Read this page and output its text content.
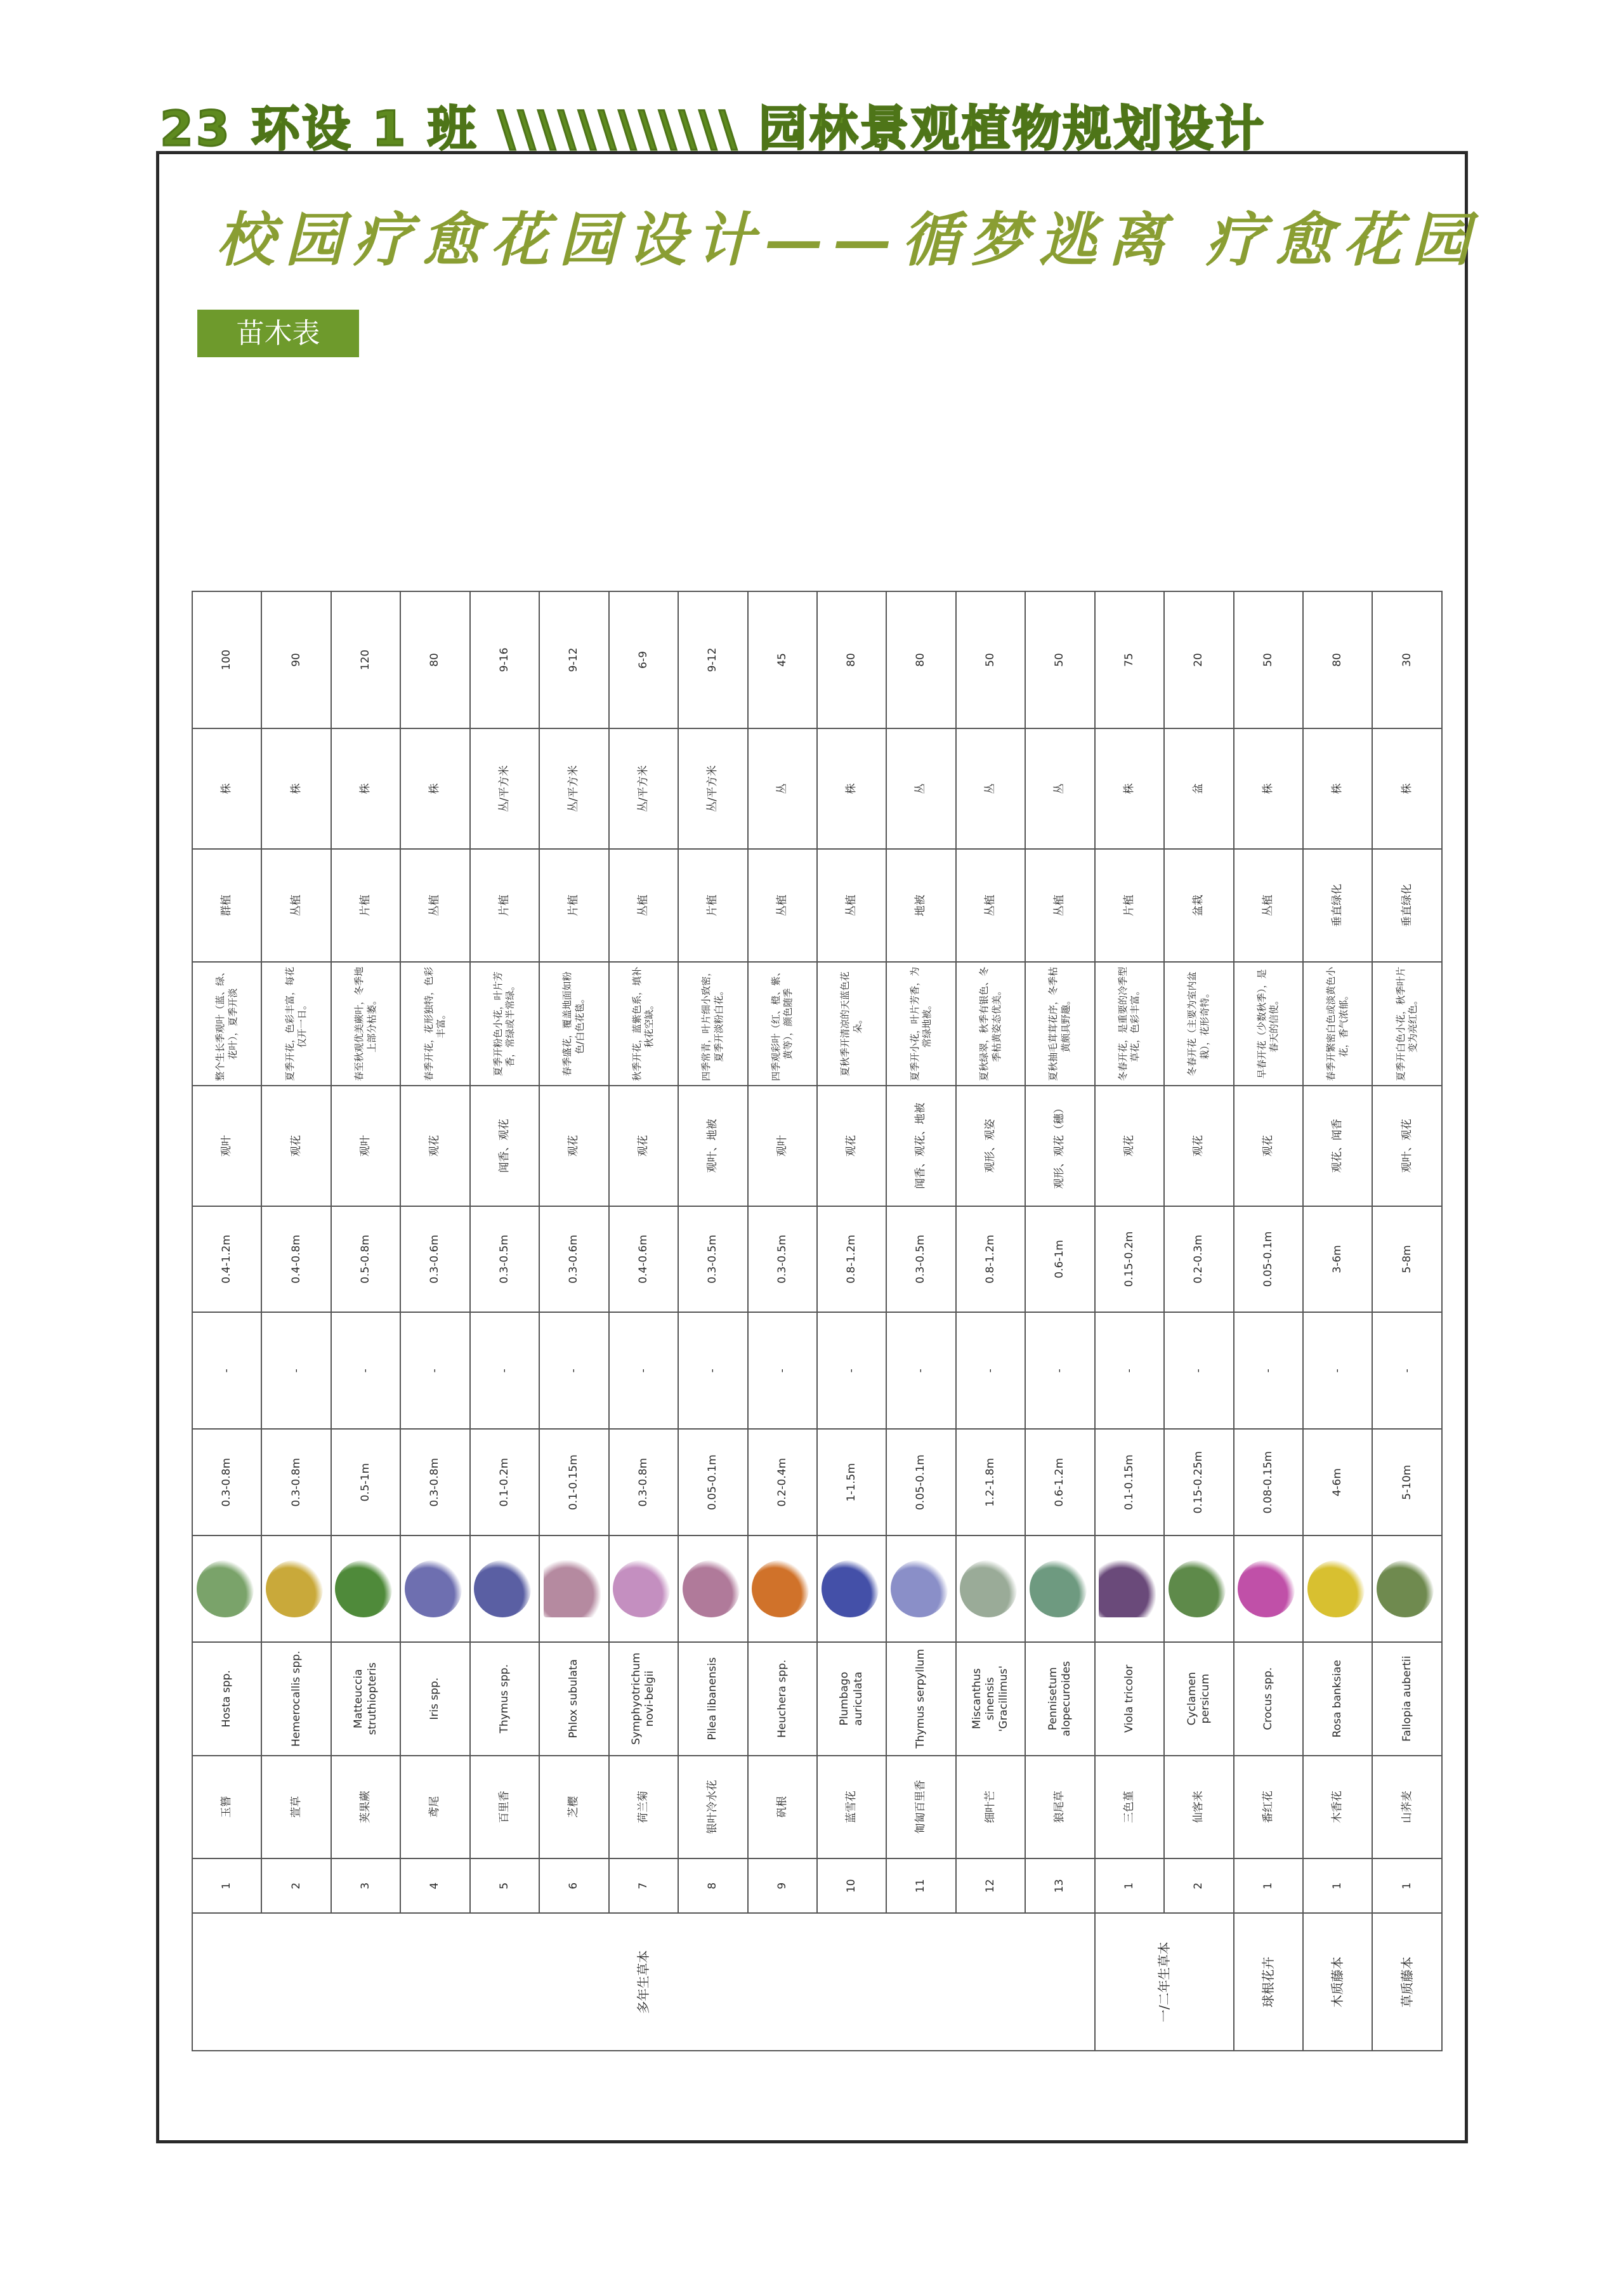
23 环设 1 班 \\\\\\\\\\\\ 园林景观植物规划设计
校园疗愈花园设计——循梦逃离 疗愈花园
苗木表
多年生草本	1	玉簪	Hosta spp.		0.3-0.8m	-	0.4-1.2m	观叶	整个生长季观叶（蓝、绿、花叶），夏季开淡	群植	株	100
	2	萱草	Hemerocallis spp.		0.3-0.8m	-	0.4-0.8m	观花	夏季开花，色彩丰富，每花仅开一日。	丛植	株	90
	3	荚果蕨	Matteuccia struthiopteris		0.5-1m	-	0.5-0.8m	观叶	春至秋观优美蕨叶，冬季地上部分枯萎。	片植	株	120
	4	鸢尾	Iris spp.		0.3-0.8m	-	0.3-0.6m	观花	春季开花，花形独特，色彩丰富。	丛植	株	80
	5	百里香	Thymus spp.		0.1-0.2m	-	0.3-0.5m	闻香、观花	夏季开粉色小花，叶片芳香，常绿或半常绿。	片植	丛/平方米	9-16
	6	芝樱	Phlox subulata		0.1-0.15m	-	0.3-0.6m	观花	春季盛花，覆盖地面如粉色/白色花毯。	片植	丛/平方米	9-12
	7	荷兰菊	Symphyotrichum novi-belgii		0.3-0.8m	-	0.4-0.6m	观花	秋季开花，蓝紫色系，填补秋花空缺。	丛植	丛/平方米	6-9
	8	银叶冷水花	Pilea libanensis		0.05-0.1m	-	0.3-0.5m	观叶、地被	四季常青，叶片细小致密，夏季开淡粉白花。	片植	丛/平方米	9-12
	9	矾根	Heuchera spp.		0.2-0.4m	-	0.3-0.5m	观叶	四季观彩叶（红、橙、紫、黄等），颜色随季	丛植	丛	45
	10	蓝雪花	Plumbago auriculata		1-1.5m	-	0.8-1.2m	观花	夏秋季开清凉的天蓝色花朵。	丛植	株	80
	11	匍匐百里香	Thymus serpyllum		0.05-0.1m	-	0.3-0.5m	闻香、观花、地被	夏季开小花，叶片芳香，为常绿地被。	地被	丛	80
	12	细叶芒	Miscanthus sinensis 'Gracillimus'		1.2-1.8m	-	0.8-1.2m	观形、观姿	夏秋绿翠，秋季有银色、冬季枯黄姿态优美。	丛植	丛	50
	13	狼尾草	Pennisetum alopecuroides		0.6-1.2m	-	0.6-1m	观形、观花（穗）	夏秋抽毛茸茸花序，冬季枯黄颇具野趣。	丛植	丛	50
一/二年生草本	1	三色堇	Viola tricolor		0.1-0.15m	-	0.15-0.2m	观花	冬春开花，是重要的冷季型草花，色彩丰富。	片植	株	75
	2	仙客来	Cyclamen persicum		0.15-0.25m	-	0.2-0.3m	观花	冬春开花（主要为室内盆栽），花形奇特。	盆栽	盆	20
球根花卉	1	番红花	Crocus spp.		0.08-0.15m	-	0.05-0.1m	观花	早春开花（少数秋季），是春天的信使。	丛植	株	50
木质藤本	1	木香花	Rosa banksiae		4-6m	-	3-6m	观花、闻香	春季开繁密白色或淡黄色小花，香气浓郁。	垂直绿化	株	80
草质藤本	1	山荞麦	Fallopia aubertii		5-10m	-	5-8m	观叶、观花	夏季开白色小花，秋季叶片变为亮红色。	垂直绿化	株	30
